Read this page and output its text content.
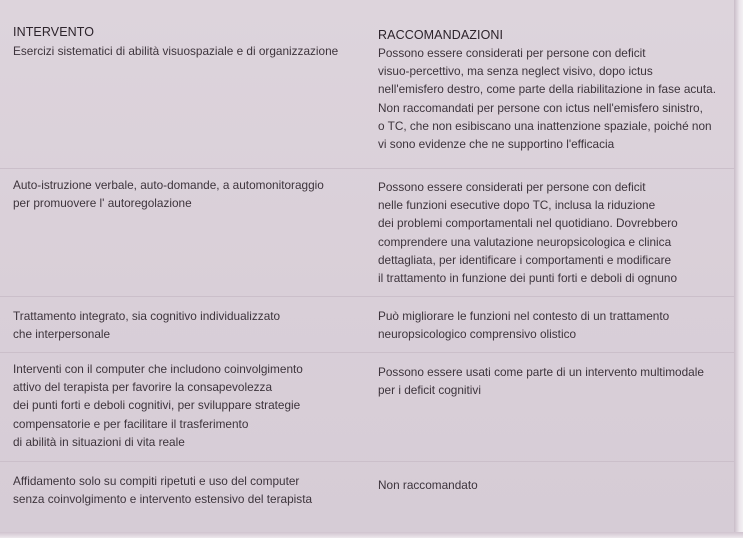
INTERVENTO	RACCOMANDAZIONI
Esercizi sistematici di abilità visuospaziale e di organizzazione	Possono essere considerati per persone con deficit
visuo-percettivo, ma senza neglect visivo, dopo ictus
nell'emisfero destro, come parte della riabilitazione in fase acuta.
Non raccomandati per persone con ictus nell'emisfero sinistro,
o TC, che non esibiscano una inattenzione spaziale, poiché non
vi sono evidenze che ne supportino l'efficacia
Auto-istruzione verbale, auto-domande, a automonitoraggio
per promuovere l' autoregolazione
Possono essere considerati per persone con deficit
nelle funzioni esecutive dopo TC, inclusa la riduzione
dei problemi comportamentali nel quotidiano. Dovrebbero
comprendere una valutazione neuropsicologica e clinica
dettagliata, per identificare i comportamenti e modificare
il trattamento in funzione dei punti forti e deboli di ognuno
Trattamento integrato, sia cognitivo individualizzato
che interpersonale
Può migliorare le funzioni nel contesto di un trattamento
neuropsicologico comprensivo olistico
Interventi con il computer che includono coinvolgimento
attivo del terapista per favorire la consapevolezza
dei punti forti e deboli cognitivi, per sviluppare strategie
compensatorie e per facilitare il trasferimento
di abilità in situazioni di vita reale
Possono essere usati come parte di un intervento multimodale
per i deficit cognitivi
Affidamento solo su compiti ripetuti e uso del computer
senza coinvolgimento e intervento estensivo del terapista
Non raccomandato
